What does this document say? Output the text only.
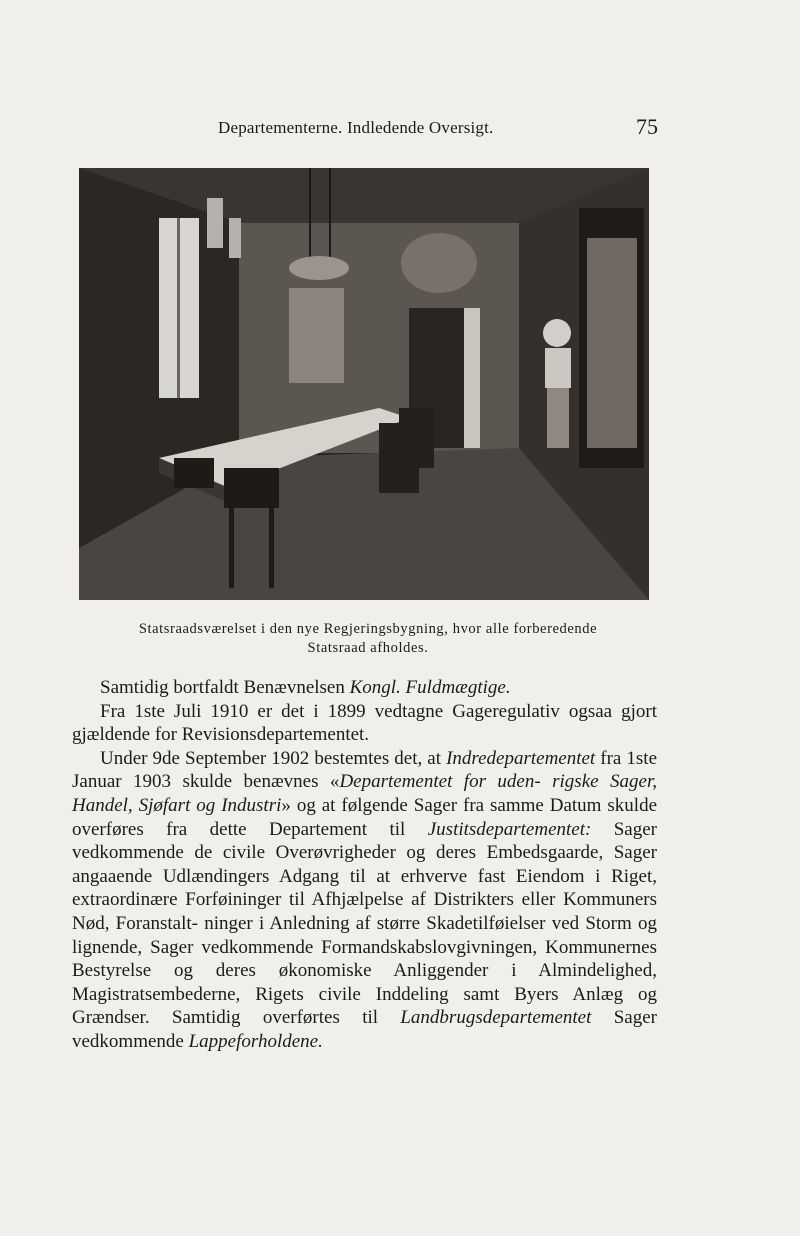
Departementerne. Indledende Oversigt.	75
Statsraadsværelset i den nye Regjeringsbygning, hvor alle forberedende
Statsraad afholdes.

Samtidig bortfaldt Benævnelsen Kongl. Fuldmægtige.

Fra 1ste Juli 1910 er det i 1899 vedtagne Gageregulativ ogsaa gjort gjældende for Revisionsdepartementet.

Under 9de September 1902 bestemtes det, at Indredepartementet fra 1ste Januar 1903 skulde benævnes «Departementet for uden- rigske Sager, Handel, Sjøfart og Industri» og at følgende Sager fra samme Datum skulde overføres fra dette Departement til Justitsdepartementet: Sager vedkommende de civile Overøvrigheder og deres Embedsgaarde, Sager angaaende Udlændingers Adgang til at erhverve fast Eiendom i Riget, extraordinære Forføininger til Afhjælpelse af Distrikters eller Kommuners Nød, Foranstalt- ninger i Anledning af større Skadetilføielser ved Storm og lignende, Sager vedkommende Formandskabslovgivningen, Kommunernes Bestyrelse og deres økonomiske Anliggender i Almindelighed, Magistratsembederne, Rigets civile Inddeling samt Byers Anlæg og Grændser. Samtidig overførtes til Landbrugsdepartementet Sager vedkommende Lappeforholdene.
